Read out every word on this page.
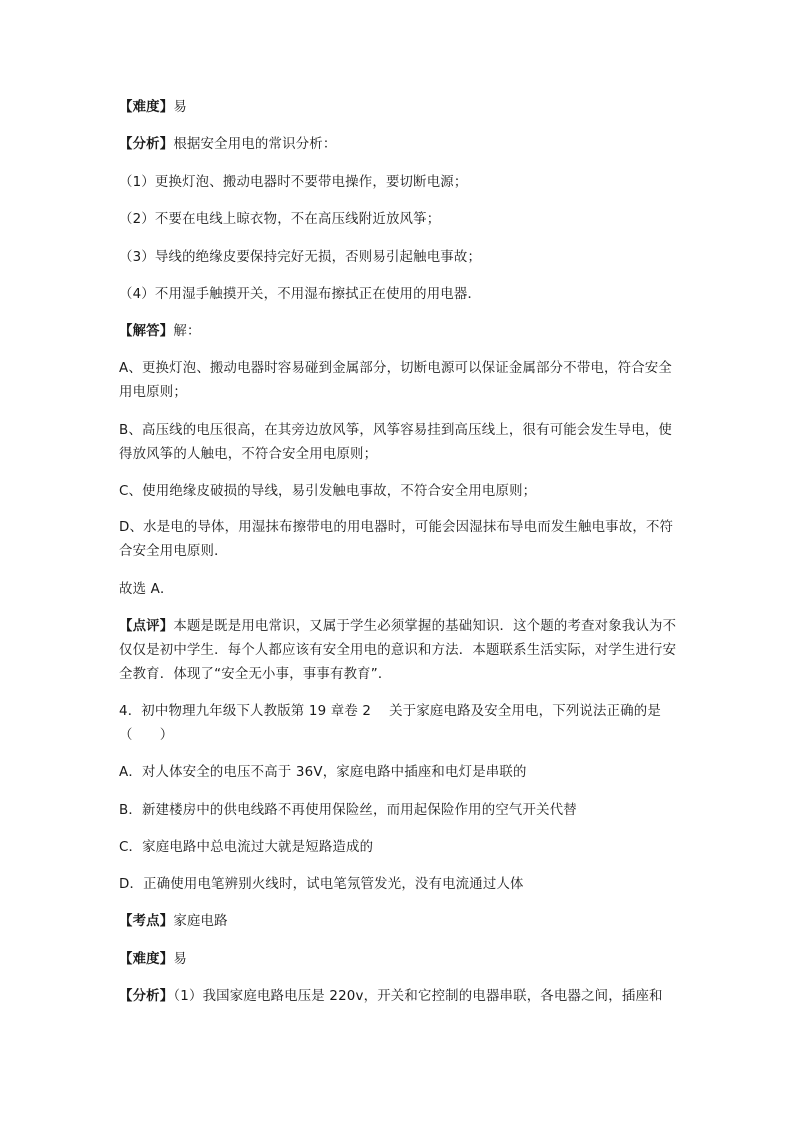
【难度】易

【分析】根据安全用电的常识分析：

（1）更换灯泡、搬动电器时不要带电操作，要切断电源；

（2）不要在电线上晾衣物，不在高压线附近放风筝；

（3）导线的绝缘皮要保持完好无损，否则易引起触电事故；

（4）不用湿手触摸开关，不用湿布擦拭正在使用的用电器．

【解答】解：

A、更换灯泡、搬动电器时容易碰到金属部分，切断电源可以保证金属部分不带电，符合安全用电原则；

B、高压线的电压很高，在其旁边放风筝，风筝容易挂到高压线上，很有可能会发生导电，使得放风筝的人触电，不符合安全用电原则；

C、使用绝缘皮破损的导线，易引发触电事故，不符合安全用电原则；

D、水是电的导体，用湿抹布擦带电的用电器时，可能会因湿抹布导电而发生触电事故，不符合安全用电原则．

故选 A．

【点评】本题是既是用电常识，又属于学生必须掌握的基础知识．这个题的考查对象我认为不仅仅是初中学生．每个人都应该有安全用电的意识和方法．本题联系生活实际，对学生进行安全教育．体现了“安全无小事，事事有教育”．

4．初中物理九年级下人教版第 19 章卷 2　 关于家庭电路及安全用电，下列说法正确的是（　　）

A．对人体安全的电压不高于 36V，家庭电路中插座和电灯是串联的

B．新建楼房中的供电线路不再使用保险丝，而用起保险作用的空气开关代替

C．家庭电路中总电流过大就是短路造成的

D．正确使用电笔辨别火线时，试电笔氖管发光，没有电流通过人体

【考点】家庭电路

【难度】易

【分析】（1）我国家庭电路电压是 220v，开关和它控制的电器串联，各电器之间，插座和
